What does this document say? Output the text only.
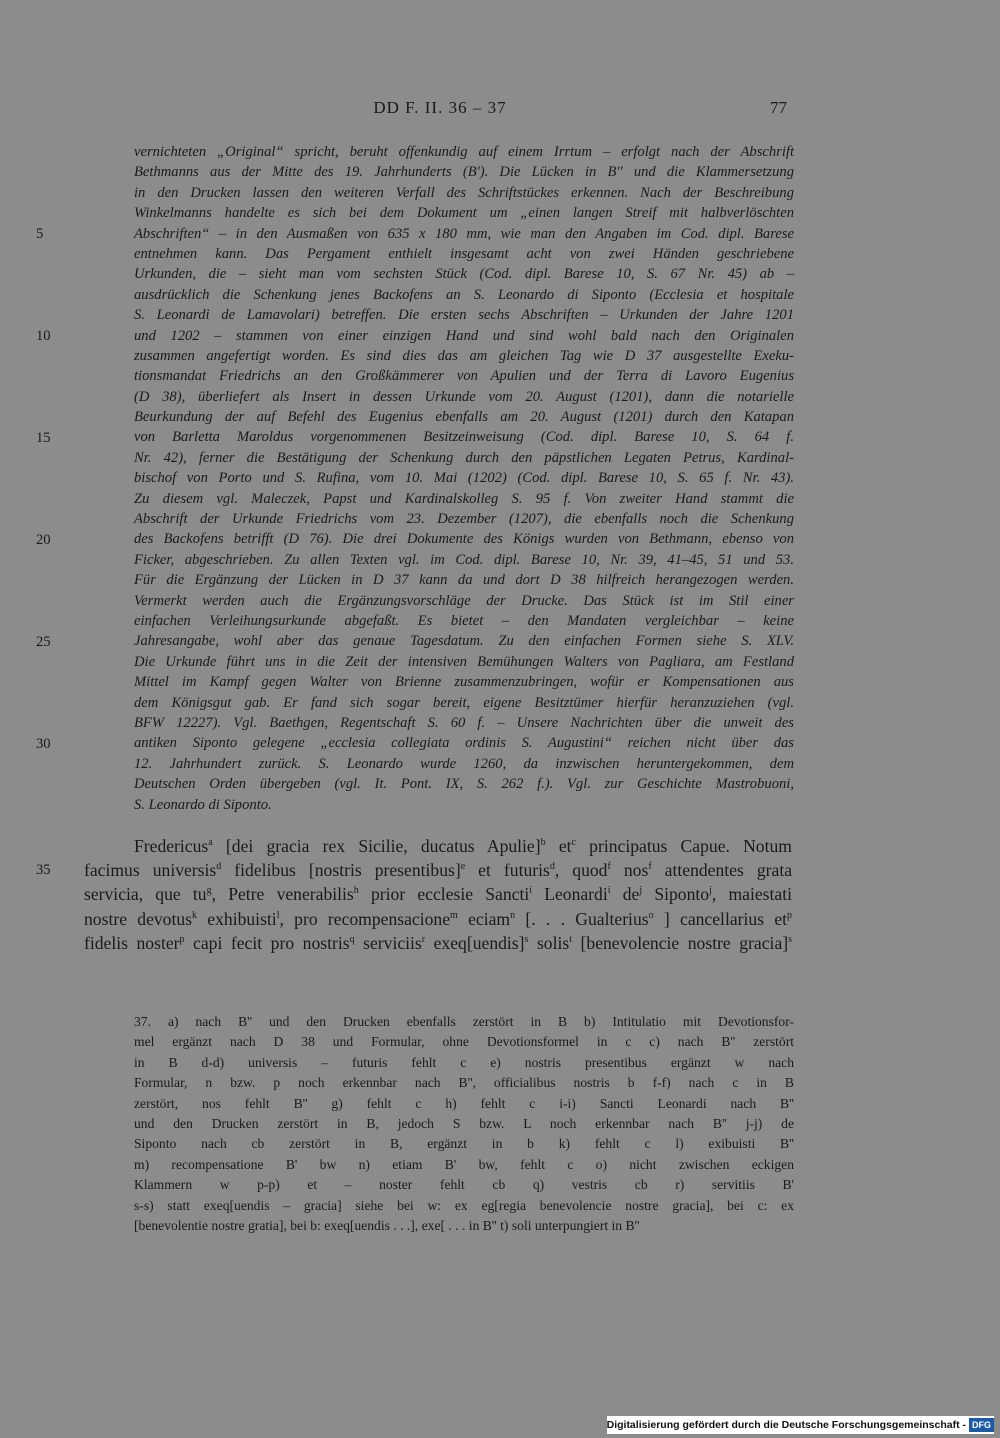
DD F. II. 36 – 37	77
vernichteten „Original“ spricht, beruht offenkundig auf einem Irrtum – erfolgt nach der Abschrift
Bethmanns aus der Mitte des 19. Jahrhunderts (B'). Die Lücken in B'' und die Klammersetzung
in den Drucken lassen den weiteren Verfall des Schriftstückes erkennen. Nach der Beschreibung
Winkelmanns handelte es sich bei dem Dokument um „einen langen Streif mit halbverlöschten
Abschriften“ – in den Ausmaßen von 635 x 180 mm, wie man den Angaben im Cod. dipl. Barese
entnehmen kann. Das Pergament enthielt insgesamt acht von zwei Händen geschriebene
Urkunden, die – sieht man vom sechsten Stück (Cod. dipl. Barese 10, S. 67 Nr. 45) ab –
ausdrücklich die Schenkung jenes Backofens an S. Leonardo di Siponto (Ecclesia et hospitale
S. Leonardi de Lamavolari) betreffen. Die ersten sechs Abschriften – Urkunden der Jahre 1201
und 1202 – stammen von einer einzigen Hand und sind wohl bald nach den Originalen
zusammen angefertigt worden. Es sind dies das am gleichen Tag wie D 37 ausgestellte Exeku-
tionsmandat Friedrichs an den Großkämmerer von Apulien und der Terra di Lavoro Eugenius
(D 38), überliefert als Insert in dessen Urkunde vom 20. August (1201), dann die notarielle
Beurkundung der auf Befehl des Eugenius ebenfalls am 20. August (1201) durch den Katapan
von Barletta Maroldus vorgenommenen Besitzeinweisung (Cod. dipl. Barese 10, S. 64 f.
Nr. 42), ferner die Bestätigung der Schenkung durch den päpstlichen Legaten Petrus, Kardinal-
bischof von Porto und S. Rufina, vom 10. Mai (1202) (Cod. dipl. Barese 10, S. 65 f. Nr. 43).
Zu diesem vgl. Maleczek, Papst und Kardinalskolleg S. 95 f. Von zweiter Hand stammt die
Abschrift der Urkunde Friedrichs vom 23. Dezember (1207), die ebenfalls noch die Schenkung
des Backofens betrifft (D 76). Die drei Dokumente des Königs wurden von Bethmann, ebenso von
Ficker, abgeschrieben. Zu allen Texten vgl. im Cod. dipl. Barese 10, Nr. 39, 41–45, 51 und 53.
Für die Ergänzung der Lücken in D 37 kann da und dort D 38 hilfreich herangezogen werden.
Vermerkt werden auch die Ergänzungsvorschläge der Drucke. Das Stück ist im Stil einer
einfachen Verleihungsurkunde abgefaßt. Es bietet – den Mandaten vergleichbar – keine
Jahresangabe, wohl aber das genaue Tagesdatum. Zu den einfachen Formen siehe S. XLV.
Die Urkunde führt uns in die Zeit der intensiven Bemühungen Walters von Pagliara, am Festland
Mittel im Kampf gegen Walter von Brienne zusammenzubringen, wofür er Kompensationen aus
dem Königsgut gab. Er fand sich sogar bereit, eigene Besitztümer hierfür heranzuziehen (vgl.
BFW 12227). Vgl. Baethgen, Regentschaft S. 60 f. – Unsere Nachrichten über die unweit des
antiken Siponto gelegene „ecclesia collegiata ordinis S. Augustini“ reichen nicht über das
12. Jahrhundert zurück. S. Leonardo wurde 1260, da inzwischen heruntergekommen, dem
Deutschen Orden übergeben (vgl. It. Pont. IX, S. 262 f.). Vgl. zur Geschichte Mastrobuoni,
S. Leonardo di Siponto.
5
10
15
20
25
30
35
Fredericus$^a$ [dei gracia rex Sicilie, ducatus Apulie]$^b$ $et^c$ principatus Capue. Notum
facimus universis$^d$ fidelibus [nostris presentibus]$^e$ et futuris$^d$, quod$^f$ nos$^f$ attendentes grata
servicia, que $tu^g$, Petre venerabilis$^h$ prior ecclesie Sancti$^i$ Leonardi$^i$ $de^j$ Siponto$^j$, maiestati
nostre devotus$^k$ exhibuisti$^l$, pro recompensacione$^m$ eciam$^n$ [. . . Gualterius$^o$ ] cancellarius $et^p$
fidelis noster$^p$ capi fecit pro nostris$^q$ serviciis$^r$ exeq[uendis]$^s$ solis$^t$ [benevolencie nostre gracia]$^s$
37. a) nach B'' und den Drucken ebenfalls zerstört in B b) Intitulatio mit Devotionsfor-
mel ergänzt nach D 38 und Formular, ohne Devotionsformel in c c) nach B'' zerstört
in B d-d) universis – futuris fehlt c e) nostris presentibus ergänzt w nach
Formular, n bzw. p noch erkennbar nach B'', officialibus nostris b f-f) nach c in B
zerstört, nos fehlt B'' g) fehlt c h) fehlt c i-i) Sancti Leonardi nach B''
und den Drucken zerstört in B, jedoch S bzw. L noch erkennbar nach B'' j-j) de
Siponto nach cb zerstört in B, ergänzt in b k) fehlt c l) exibuisti B''
m) recompensatione B' bw n) etiam B' bw, fehlt c o) nicht zwischen eckigen
Klammern w p-p) et – noster fehlt cb q) vestris cb r) servitiis B'
s-s) statt exeq[uendis – gracia] siehe bei w: ex eg[regia benevolencie nostre gracia], bei c: ex
[benevolentie nostre gratia], bei b: exeq[uendis . . .], exe[ . . . in B'' t) soli unterpungiert in B''
Digitalisierung gefördert durch die Deutsche Forschungsgemeinschaft - DFG
